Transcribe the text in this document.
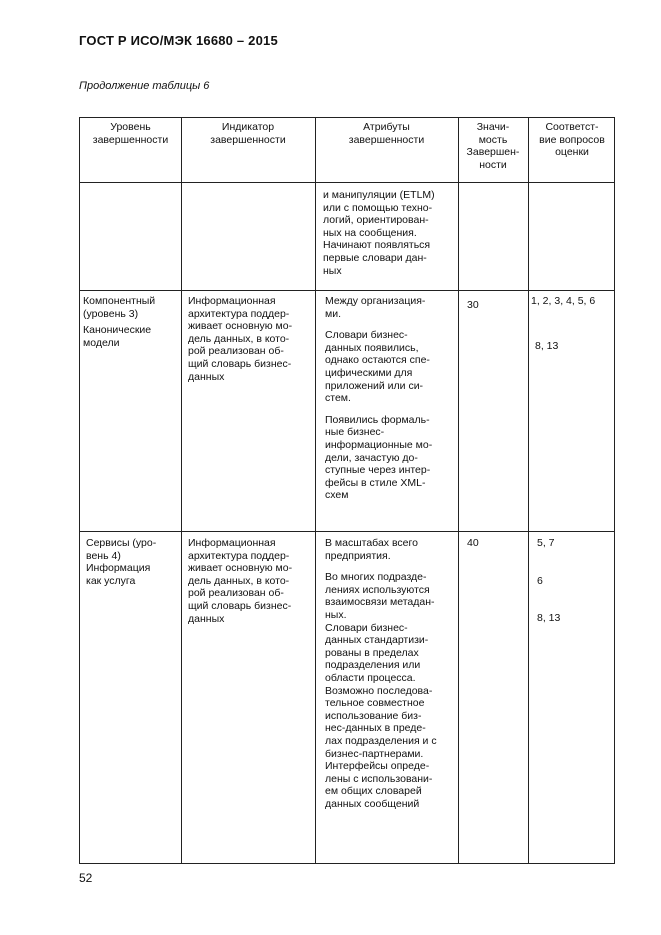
ГОСТ Р ИСО/МЭК 16680 – 2015
Продолжение таблицы 6

Уровень
завершенности

Индикатор
завершенности

Атрибуты
завершенности

Значи-
мость
Завершен-
ности

Соответст-
вие вопросов
оценки

и манипуляции (ETLM)
или с помощью техно-
логий, ориентирован-
ных на сообщения.
Начинают появляться
первые словари дан-
ных

Компонентный
(уровень 3)

Канонические
модели

Информационная
архитектура поддер-
живает основную мо-
дель данных, в кото-
рой реализован об-
щий словарь бизнес-
данных

Между организация-
ми.

Словари бизнес-
данных появились,
однако остаются спе-
цифическими для
приложений или си-
стем.

Появились формаль-
ные бизнес-
информационные мо-
дели, зачастую до-
ступные через интер-
фейсы в стиле XML-
схем

30	1, 2, 3, 4, 5, 6

8, 13

Сервисы (уро-
вень 4)

Информация
как услуга

Информационная
архитектура поддер-
живает основную мо-
дель данных, в кото-
рой реализован об-
щий словарь бизнес-
данных

В масштабах всего
предприятия.

Во многих подразде-
лениях используются
взаимосвязи метадан-
ных.
Словари бизнес-
данных стандартизи-
рованы в пределах
подразделения или
области процесса.
Возможно последова-
тельное совместное
использование биз-
нес-данных в преде-
лах подразделения и с
бизнес-партнерами.
Интерфейсы опреде-
лены с использовани-
ем общих словарей
данных сообщений

40	5, 7

6

8, 13

52
